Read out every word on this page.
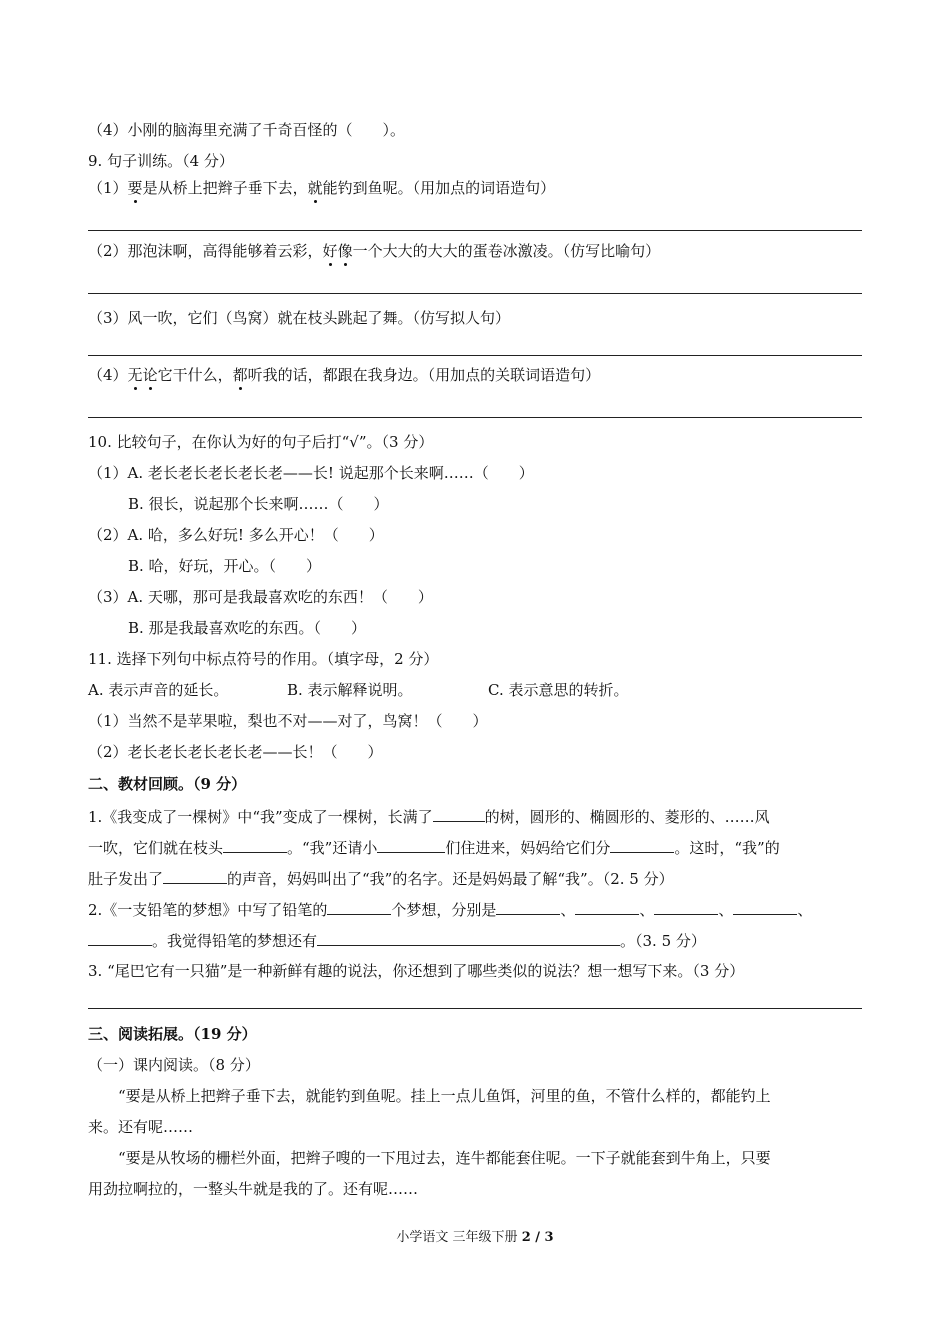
（4）小刚的脑海里充满了千奇百怪的（　　）。
9. 句子训练。（4 分）
（1）要是从桥上把辫子垂下去，就能钓到鱼呢。（用加点的词语造句）
（2）那泡沫啊，高得能够着云彩，好像一个大大的大大的蛋卷冰激凌。（仿写比喻句）
（3）风一吹，它们（鸟窝）就在枝头跳起了舞。（仿写拟人句）
（4）无论它干什么，都听我的话，都跟在我身边。（用加点的关联词语造句）
10. 比较句子，在你认为好的句子后打“√”。（3 分）
（1）A. 老长老长老长老长老——长! 说起那个长来啊……（　　）
B. 很长，说起那个长来啊……（　　）
（2）A. 哈，多么好玩! 多么开心！（　　）
B. 哈，好玩，开心。（　　）
（3）A. 天哪，那可是我最喜欢吃的东西！（　　）
B. 那是我最喜欢吃的东西。（　　）
11. 选择下列句中标点符号的作用。（填字母，2 分）
A. 表示声音的延长。	B. 表示解释说明。	C. 表示意思的转折。
（1）当然不是苹果啦，梨也不对——对了，鸟窝！（　　）
（2）老长老长老长老长老——长！（　　）
二、教材回顾。（9 分）
1.《我变成了一棵树》中“我”变成了一棵树，长满了	的树，圆形的、椭圆形的、菱形的、……风
一吹，它们就在枝头	。“我”还请小	们住进来，妈妈给它们分	。这时，“我”的
肚子发出了	的声音，妈妈叫出了“我”的名字。还是妈妈最了解“我”。（2. 5 分）
2.《一支铅笔的梦想》中写了铅笔的	个梦想，分别是	、	、	、	、
。我觉得铅笔的梦想还有	。（3. 5 分）
3. “尾巴它有一只猫”是一种新鲜有趣的说法，你还想到了哪些类似的说法？想一想写下来。（3 分）
三、阅读拓展。（19 分）
（一）课内阅读。（8 分）
“要是从桥上把辫子垂下去，就能钓到鱼呢。挂上一点儿鱼饵，河里的鱼，不管什么样的，都能钓上
来。还有呢……
“要是从牧场的栅栏外面，把辫子嗖的一下甩过去，连牛都能套住呢。一下子就能套到牛角上，只要
用劲拉啊拉的，一整头牛就是我的了。还有呢……
小学语文 三年级下册 2 / 3
